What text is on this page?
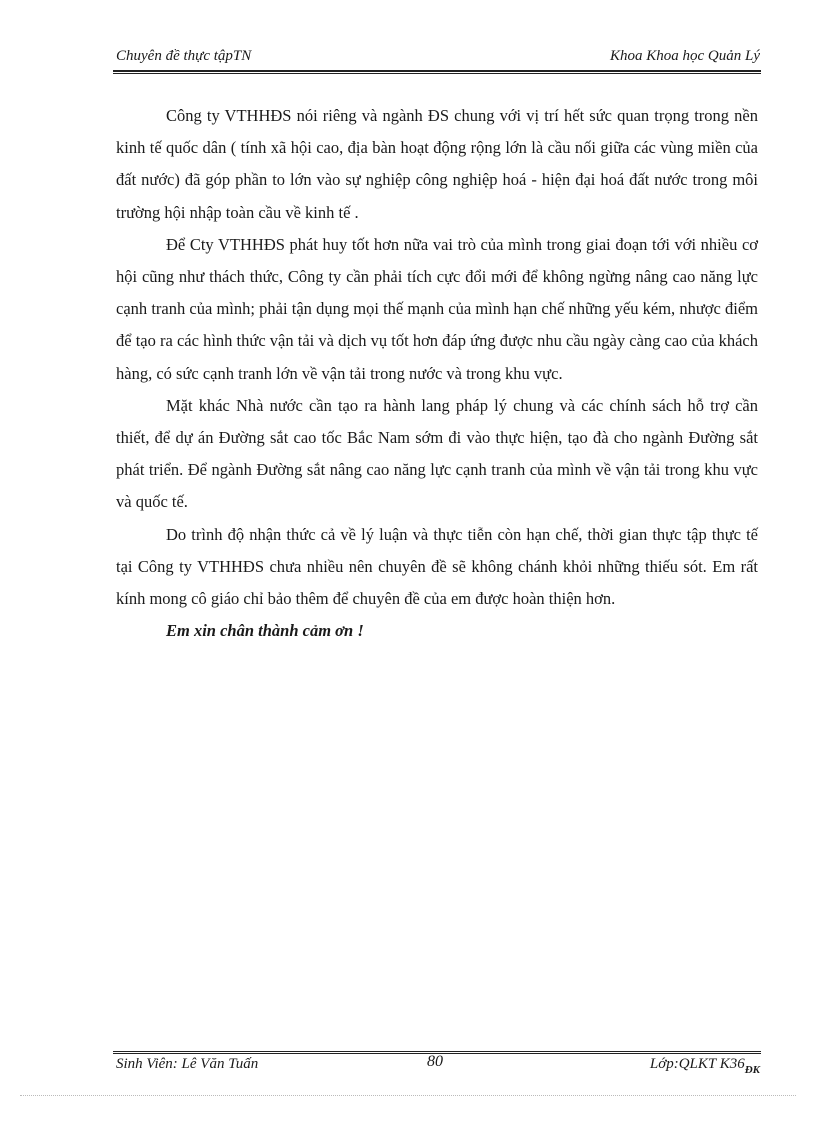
Chuyên đề thực tậpTN	Khoa Khoa học Quản Lý

Công ty VTHHĐS nói riêng và ngành ĐS chung với vị trí hết sức quan trọng trong nền kinh tế quốc dân ( tính xã hội cao, địa bàn hoạt động rộng lớn là cầu nối giữa các vùng miền của đất nước) đã góp phần to lớn vào sự nghiệp công nghiệp hoá - hiện đại hoá đất nước trong môi trường hội nhập toàn cầu về kinh tế .

Để Cty VTHHĐS phát huy tốt hơn nữa vai trò của mình trong giai đoạn tới với nhiều cơ hội cũng như thách thức, Công ty cần phải tích cực đổi mới để không ngừng nâng cao năng lực cạnh tranh của mình; phải tận dụng mọi thế mạnh của mình hạn chế những yếu kém, nhược điểm để tạo ra các hình thức vận tải và dịch vụ tốt hơn đáp ứng được nhu cầu ngày càng cao của khách hàng, có sức cạnh tranh lớn về vận tải trong nước và trong khu vực.

Mặt khác Nhà nước cần tạo ra hành lang pháp lý chung và các chính sách hỗ trợ cần thiết, để dự án Đường sắt cao tốc Bắc Nam sớm đi vào thực hiện, tạo đà cho ngành Đường sắt phát triển. Để ngành Đường sắt nâng cao năng lực cạnh tranh của mình về vận tải trong khu vực và quốc tế.

Do trình độ nhận thức cả về lý luận và thực tiễn còn hạn chế, thời gian thực tập thực tế tại Công ty VTHHĐS chưa nhiều nên chuyên đề sẽ không chánh khỏi những thiếu sót. Em rất kính mong cô giáo chỉ bảo thêm để chuyên đề của em được hoàn thiện hơn.

Em xin chân thành cảm ơn !

Sinh Viên: Lê Văn Tuấn	80	Lớp:QLKT $K36_{ĐK}$
